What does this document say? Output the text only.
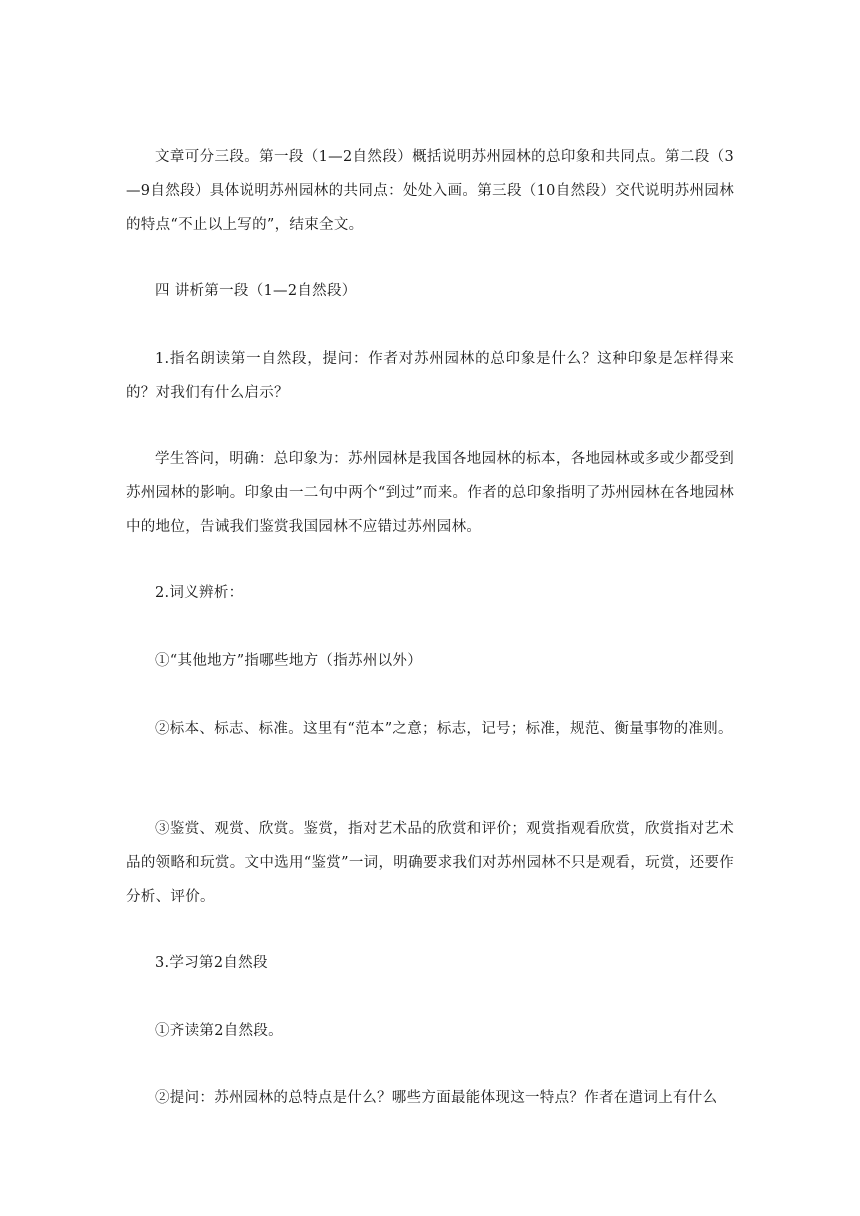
文章可分三段。第一段（1—2自然段）概括说明苏州园林的总印象和共同点。第二段（3—9自然段）具体说明苏州园林的共同点：处处入画。第三段（10自然段）交代说明苏州园林的特点“不止以上写的”，结束全文。

四 讲析第一段（1—2自然段）

1.指名朗读第一自然段，提问：作者对苏州园林的总印象是什么？这种印象是怎样得来的？对我们有什么启示？

学生答问，明确：总印象为：苏州园林是我国各地园林的标本，各地园林或多或少都受到苏州园林的影响。印象由一二句中两个“到过”而来。作者的总印象指明了苏州园林在各地园林中的地位，告诫我们鉴赏我国园林不应错过苏州园林。

2.词义辨析：

①“其他地方”指哪些地方（指苏州以外）

②标本、标志、标准。这里有“范本”之意；标志，记号；标准，规范、衡量事物的准则。

③鉴赏、观赏、欣赏。鉴赏，指对艺术品的欣赏和评价；观赏指观看欣赏，欣赏指对艺术品的领略和玩赏。文中选用“鉴赏”一词，明确要求我们对苏州园林不只是观看，玩赏，还要作分析、评价。

3.学习第2自然段

①齐读第2自然段。

②提问：苏州园林的总特点是什么？哪些方面最能体现这一特点？作者在遣词上有什么
